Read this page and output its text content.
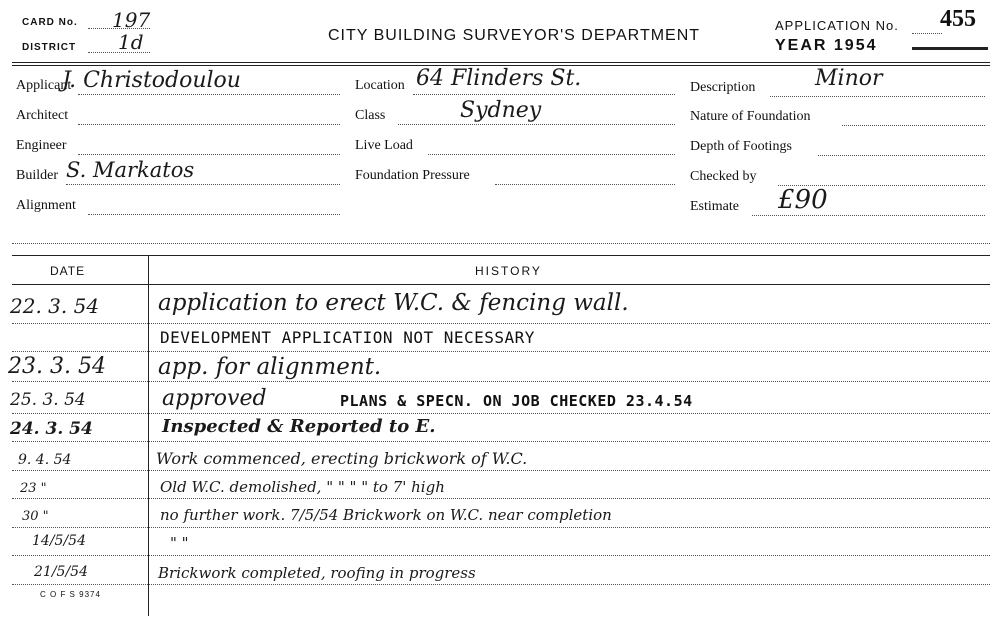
CARD No. 197
DISTRICT 1d	CITY BUILDING SURVEYOR'S DEPARTMENT
APPLICATION No. 455
YEAR 1954
Applicant
J. Christodoulou
Architect
Engineer
Builder S. Markatos
Alignment
Location 64 Flinders St.
Class	Sydney
Live Load
Foundation Pressure
Description	Minor
Nature of Foundation
Depth of Footings
Checked by
Estimate £90
DATE	HISTORY
22. 3. 54	application to erect W.C. & fencing wall.
DEVELOPMENT APPLICATION NOT NECESSARY
23. 3. 54 app. for alignment.
25. 3. 54	approved	PLANS & SPECN. ON JOB CHECKED 23.4.54
24. 3. 54	Inspected & Reported to E.
9. 4. 54	Work commenced, erecting brickwork of W.C.
23 "	Old W.C. demolished, " " " " to 7' high
30 "	no further work. 7/5/54 Brickwork on W.C. near completion
14/5/54	" "
21/5/54	Brickwork completed, roofing in progress
C O F S 9374
